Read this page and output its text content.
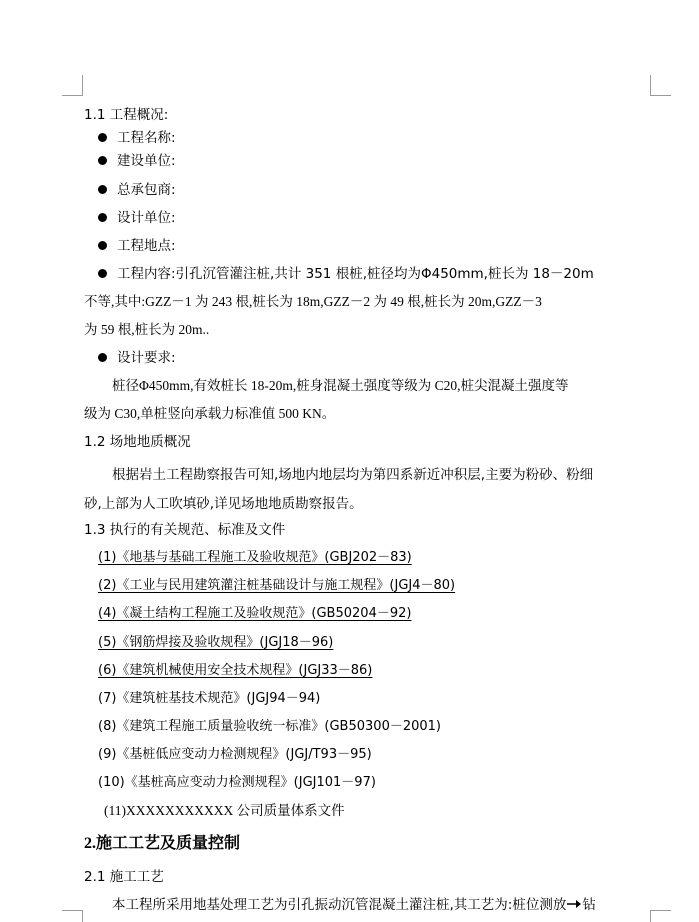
1.1 工程概况:
工程名称:
建设单位:
总承包商:
设计单位:
工程地点:
工程内容:引孔沉管灌注桩,共计 351 根桩,桩径均为Φ450mm,桩长为 18－20m
不等,其中:GZZ－1 为 243 根,桩长为 18m,GZZ－2 为 49 根,桩长为 20m,GZZ－3
为 59 根,桩长为 20m..
设计要求:
桩径Φ450mm,有效桩长 18-20m,桩身混凝土强度等级为 C20,桩尖混凝土强度等
级为 C30,单桩竖向承载力标准值 500 KN。
1.2 场地地质概况
根据岩土工程勘察报告可知,场地内地层均为第四系新近冲积层,主要为粉砂、粉细
砂,上部为人工吹填砂,详见场地地质勘察报告。
1.3 执行的有关规范、标准及文件
(1)《地基与基础工程施工及验收规范》(GBJ202－83)
(2)《工业与民用建筑灌注桩基础设计与施工规程》(JGJ4－80)
(4)《凝土结构工程施工及验收规范》(GB50204－92)
(5)《钢筋焊接及验收规程》(JGJ18－96)
(6)《建筑机械使用安全技术规程》(JGJ33－86)
(7)《建筑桩基技术规范》(JGJ94－94)
(8)《建筑工程施工质量验收统一标准》(GB50300－2001)
(9)《基桩低应变动力检测规程》(JGJ/T93－95)
(10)《基桩高应变动力检测规程》(JGJ101－97)
(11)XXXXXXXXXXX 公司质量体系文件
2.施工工艺及质量控制
2.1 施工工艺
本工程所采用地基处理工艺为引孔振动沉管混凝土灌注桩,其工艺为:桩位测放 钻
